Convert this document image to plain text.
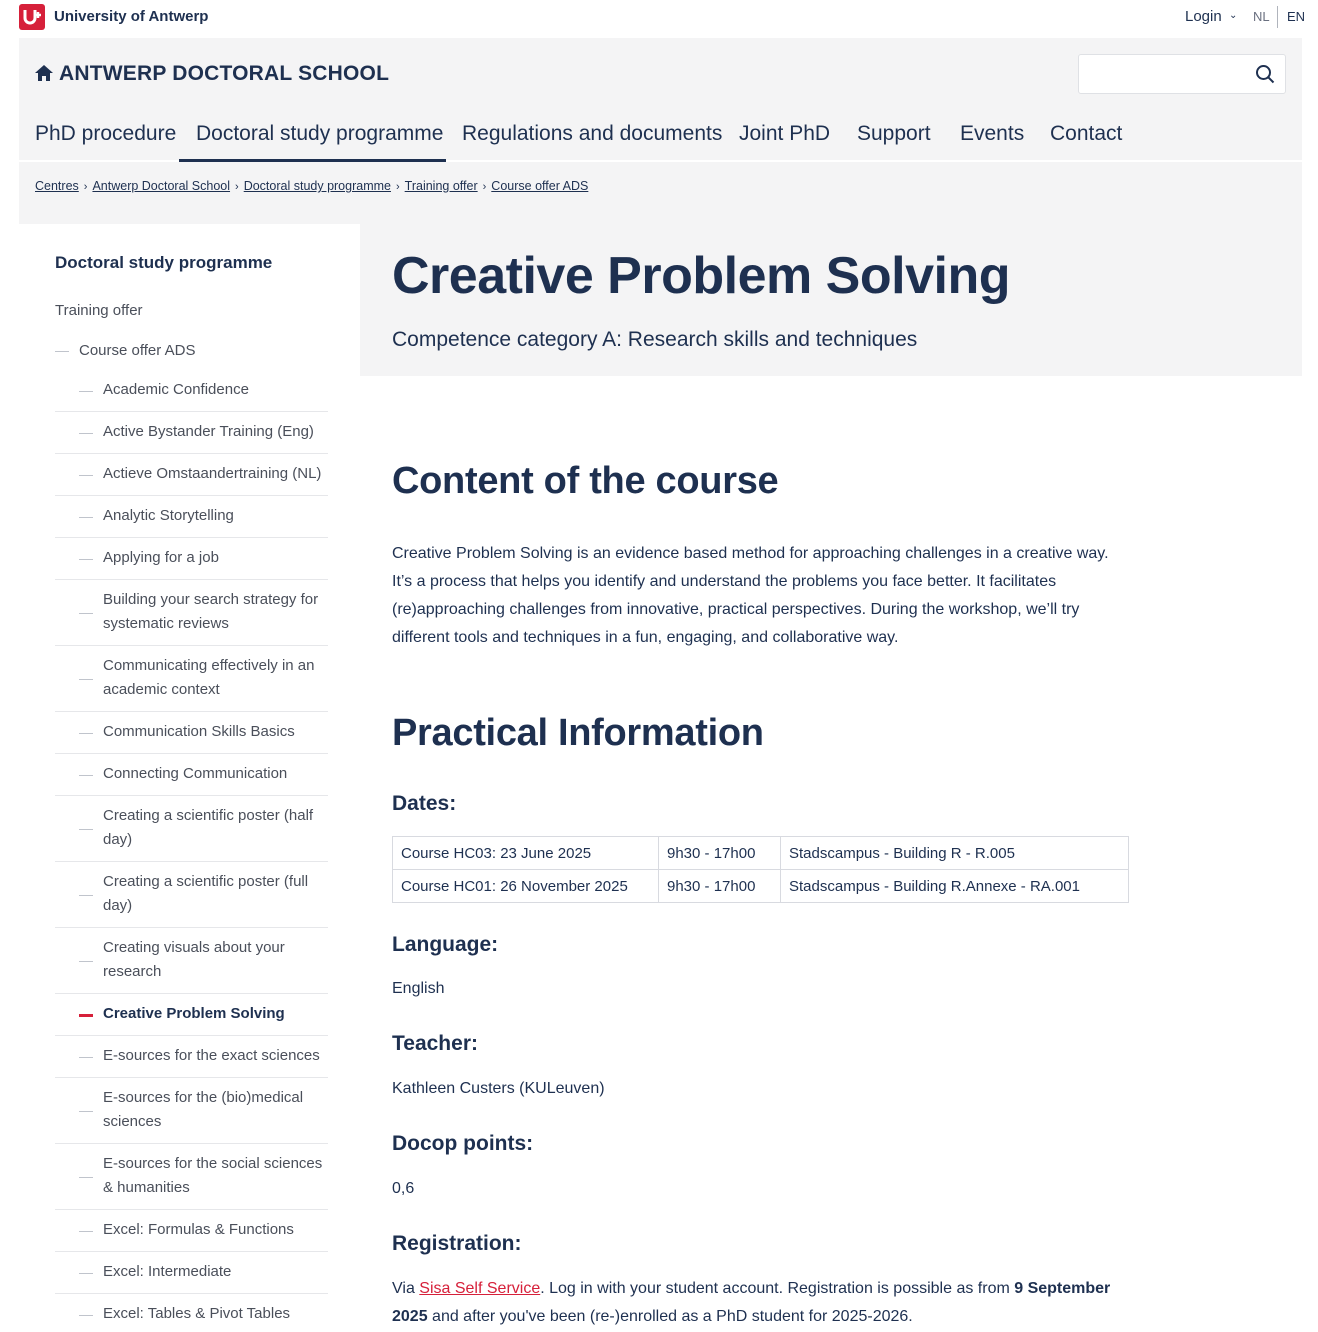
University of Antwerp	Login ⌄ NL EN
ANTWERP DOCTORAL SCHOOL
PhD procedure Doctoral study programme Regulations and documents Joint PhD Support Events Contact
Centres › Antwerp Doctoral School › Doctoral study programme › Training offer › Course offer ADS
Doctoral study programme
Training offer
Course offer ADS
Academic Confidence
Active Bystander Training (Eng)
Actieve Omstaandertraining (NL)
Analytic Storytelling
Applying for a job
Building your search strategy for systematic reviews
Communicating effectively in an academic context
Communication Skills Basics
Connecting Communication
Creating a scientific poster (half day)
Creating a scientific poster (full day)
Creating visuals about your research
Creative Problem Solving
E-sources for the exact sciences
E-sources for the (bio)medical sciences
E-sources for the social sciences & humanities
Excel: Formulas & Functions
Excel: Intermediate
Excel: Tables & Pivot Tables
Creative Problem Solving
Competence category A: Research skills and techniques
Content of the course

Creative Problem Solving is an evidence based method for approaching challenges in a creative way. It’s a process that helps you identify and understand the problems you face better. It facilitates (re)approaching challenges from innovative, practical perspectives. During the workshop, we’ll try different tools and techniques in a fun, engaging, and collaborative way.

Practical Information
Dates:
Course HC03: 23 June 2025	9h30 - 17h00	Stadscampus - Building R - R.005
Course HC01: 26 November 2025	9h30 - 17h00	Stadscampus - Building R.Annexe - RA.001
Language:

English

Teacher:

Kathleen Custers (KULeuven)

Docop points:

0,6

Registration:

Via Sisa Self Service. Log in with your student account. Registration is possible as from 9 September 2025 and after you've been (re-)enrolled as a PhD student for 2025-2026.
